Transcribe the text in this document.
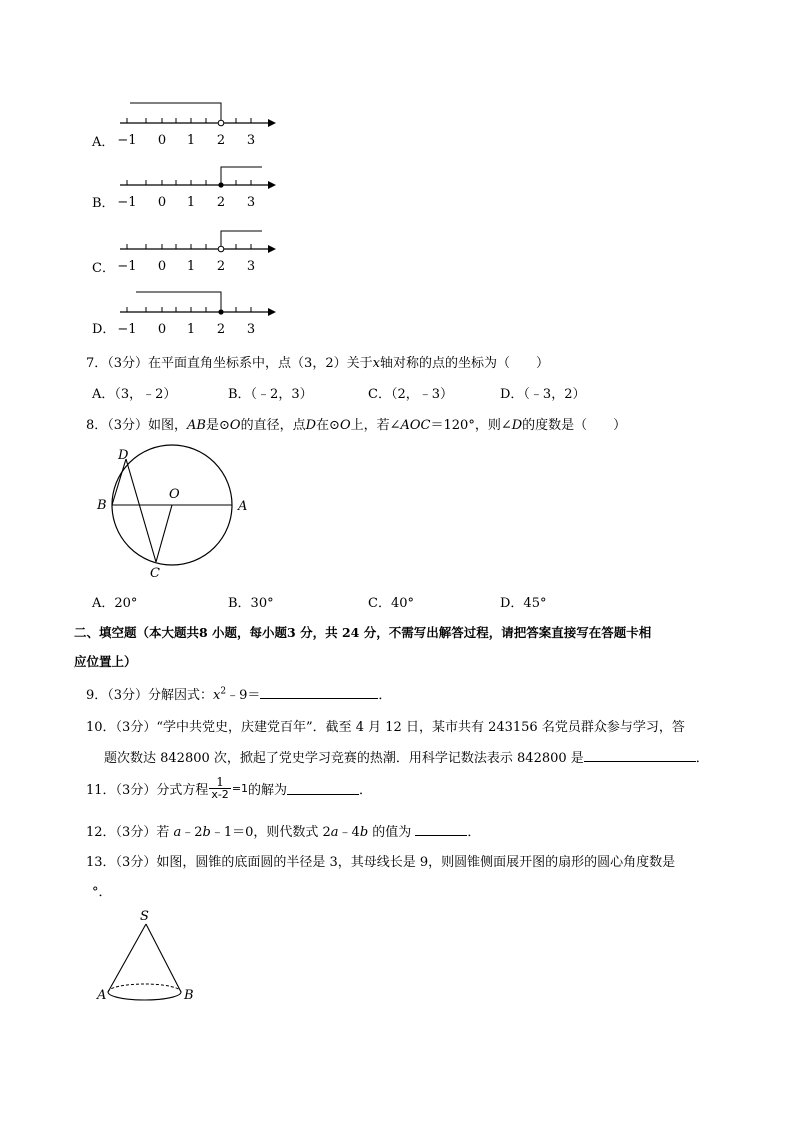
A． −1 0 1 2 3
B． −1 0 1 2 3
C． −1 0 1 2 3
D． −1 0 1 2 3
7．（3分）在平面直角坐标系中，点（3，2）关于x轴对称的点的坐标为（　　）
A．（3，﹣2）	B．（﹣2，3）	C．（2，﹣3）	D．（﹣3，2）
8．（3分）如图，AB是⊙O的直径，点D在⊙O上，若∠AOC＝120°，则∠D的度数是（　　）
D
O
B	A
C
A．20°	B．30°	C．40°	D．45°
二、填空题（本大题共8 小题，每小题3 分，共 24 分，不需写出解答过程，请把答案直接写在答题卡相
应位置上）
9．（3分）分解因式：$x^2﹣9=$	．
10．（3分）“学中共党史，庆建党百年”．截至 4 月 12 日，某市共有 243156 名党员群众参与学习，答
题次数达 842800 次，掀起了党史学习竞赛的热潮．用科学记数法表示 842800 是	．
11．（3分）分式方程 $\frac{1}{x-2} =1$的解为	．
12．（3分）若 a﹣2b﹣1＝0，则代数式 2a﹣4b 的值为	．
13．（3分）如图，圆锥的底面圆的半径是 3，其母线长是 9，则圆锥侧面展开图的扇形的圆心角度数是
°．
S
A	B
